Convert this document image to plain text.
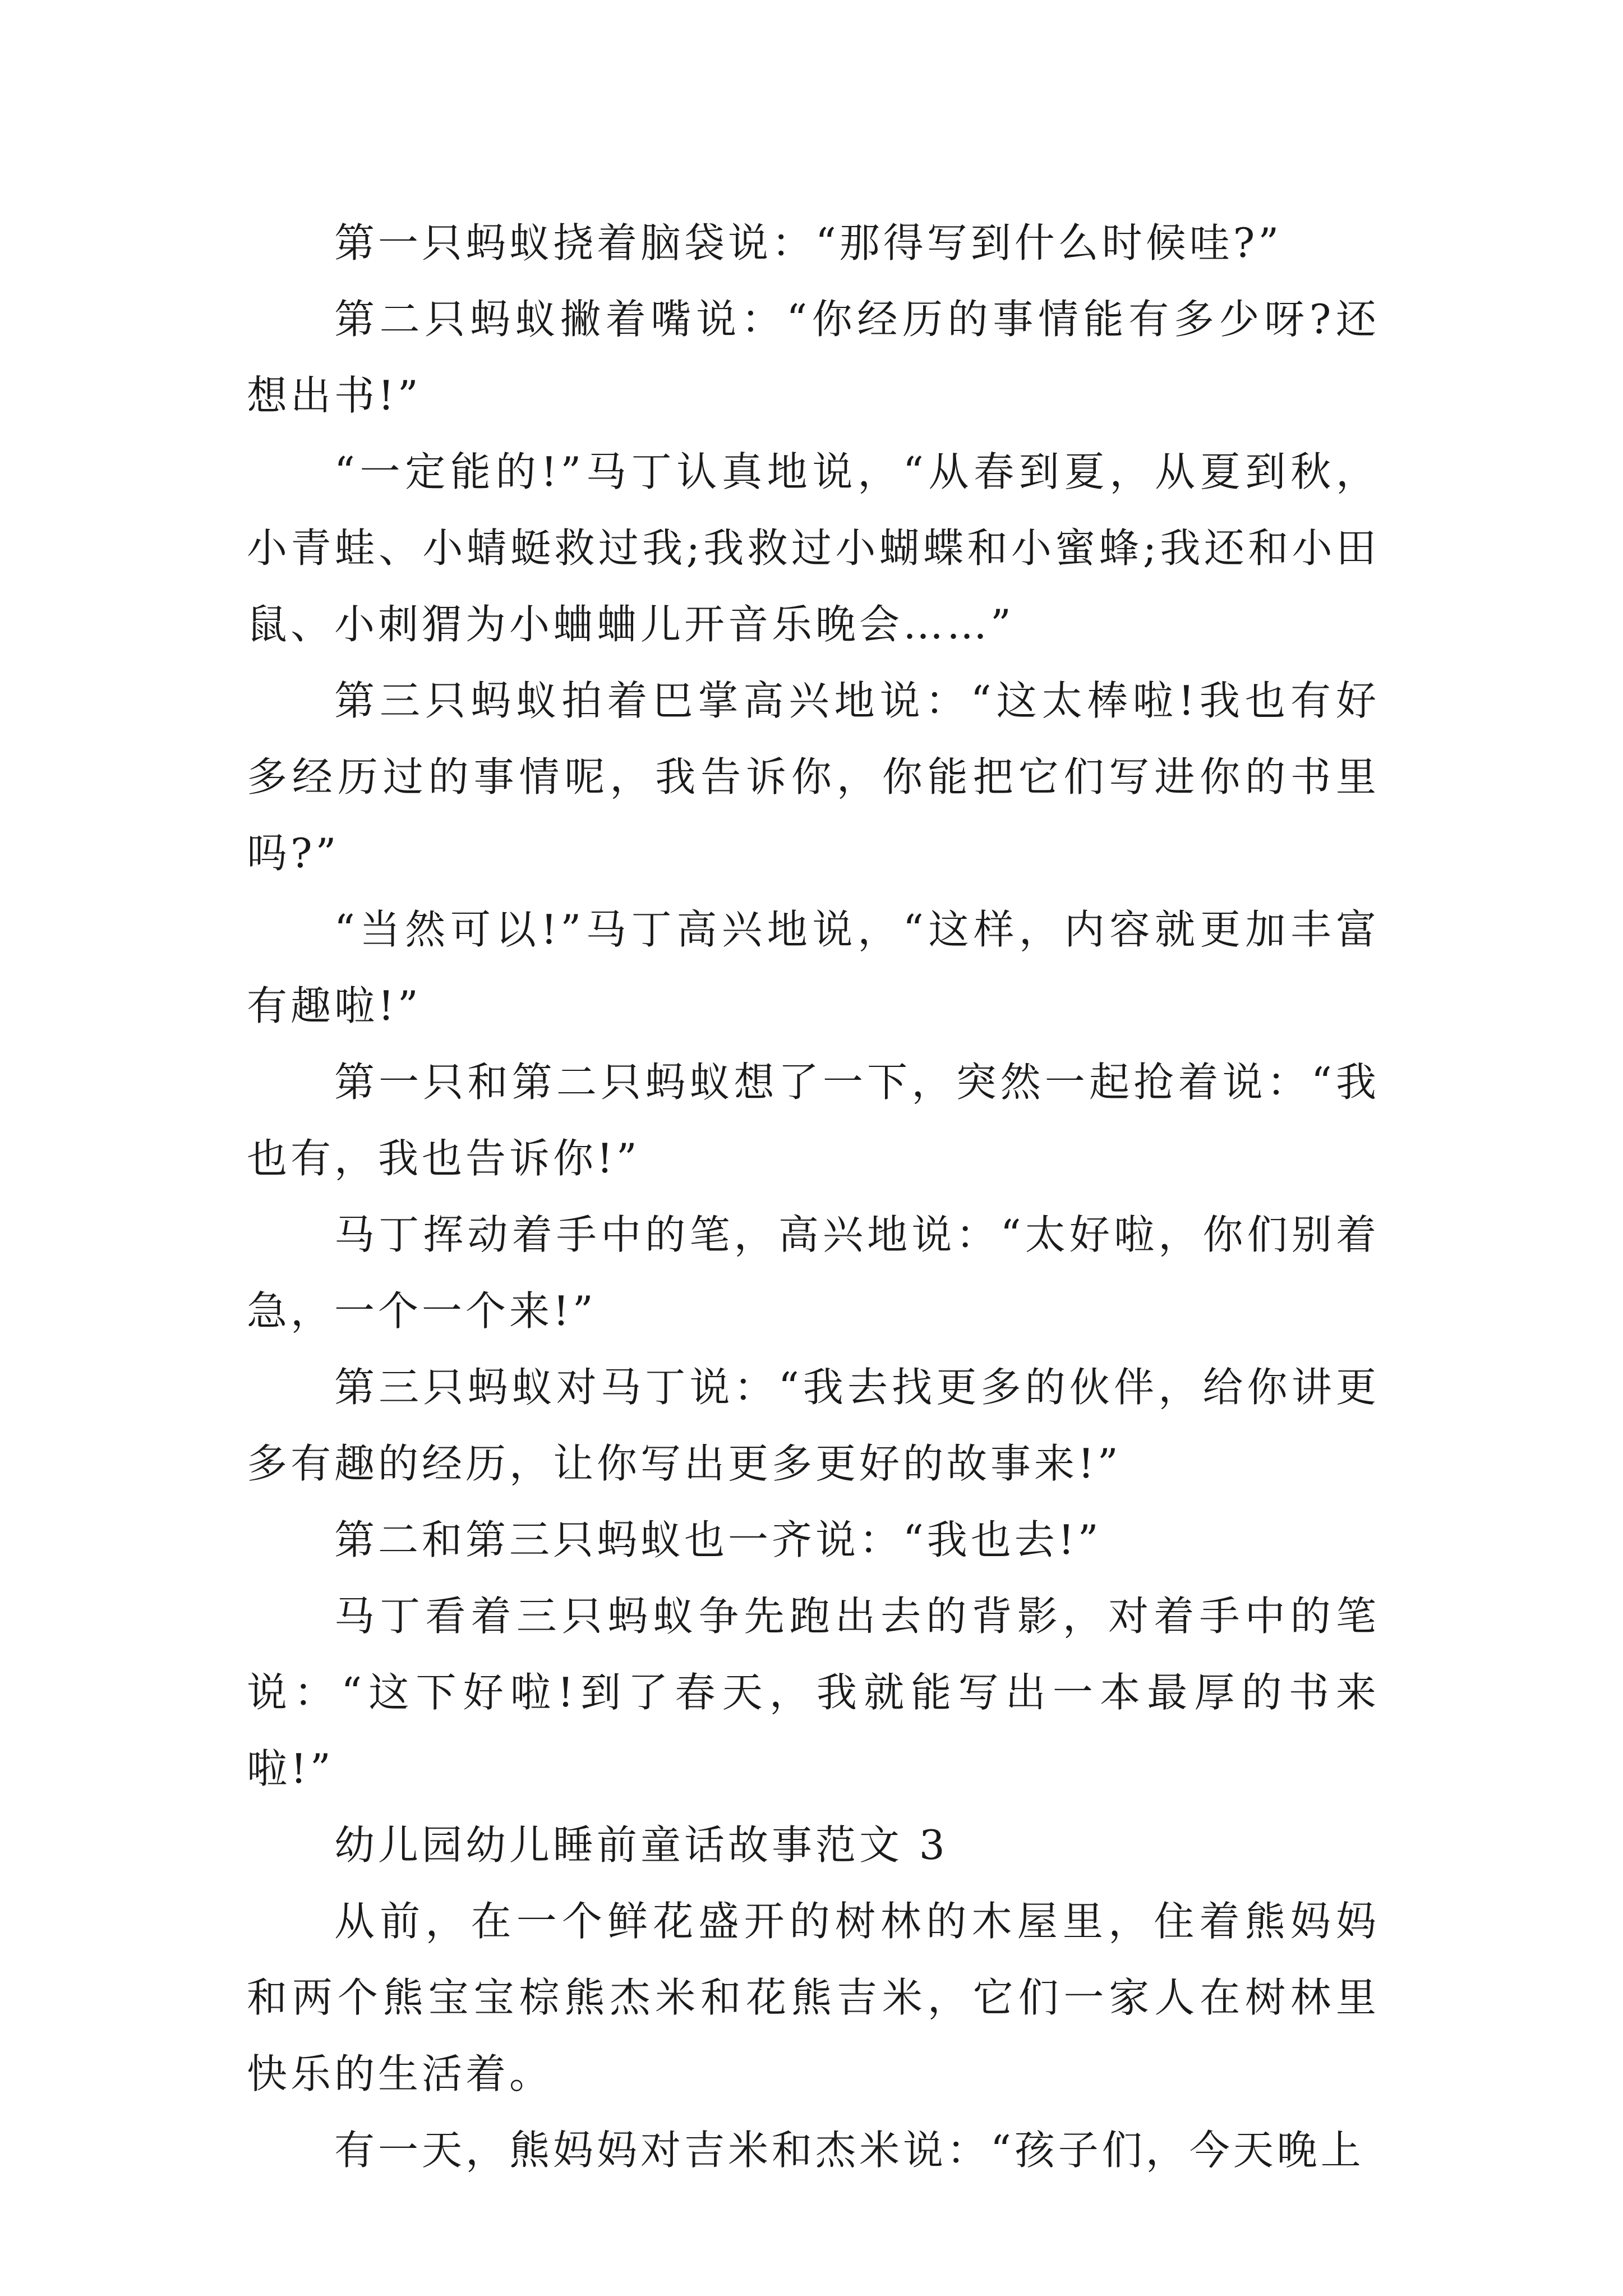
第一只蚂蚁挠着脑袋说：“那得写到什么时候哇?”

第二只蚂蚁撇着嘴说：“你经历的事情能有多少呀?还想出书!”

“一定能的!”马丁认真地说，“从春到夏，从夏到秋，小青蛙、小蜻蜓救过我;我救过小蝴蝶和小蜜蜂;我还和小田鼠、小刺猬为小蛐蛐儿开音乐晚会……”

第三只蚂蚁拍着巴掌高兴地说：“这太棒啦!我也有好多经历过的事情呢，我告诉你，你能把它们写进你的书里吗?”

“当然可以!”马丁高兴地说，“这样，内容就更加丰富有趣啦!”

第一只和第二只蚂蚁想了一下，突然一起抢着说：“我也有，我也告诉你!”

马丁挥动着手中的笔，高兴地说：“太好啦，你们别着急，一个一个来!”

第三只蚂蚁对马丁说：“我去找更多的伙伴，给你讲更多有趣的经历，让你写出更多更好的故事来!”

第二和第三只蚂蚁也一齐说：“我也去!”

马丁看着三只蚂蚁争先跑出去的背影，对着手中的笔说：“这下好啦!到了春天，我就能写出一本最厚的书来啦!”

幼儿园幼儿睡前童话故事范文 3

从前，在一个鲜花盛开的树林的木屋里，住着熊妈妈和两个熊宝宝棕熊杰米和花熊吉米，它们一家人在树林里快乐的生活着。

有一天，熊妈妈对吉米和杰米说：“孩子们，今天晚上
